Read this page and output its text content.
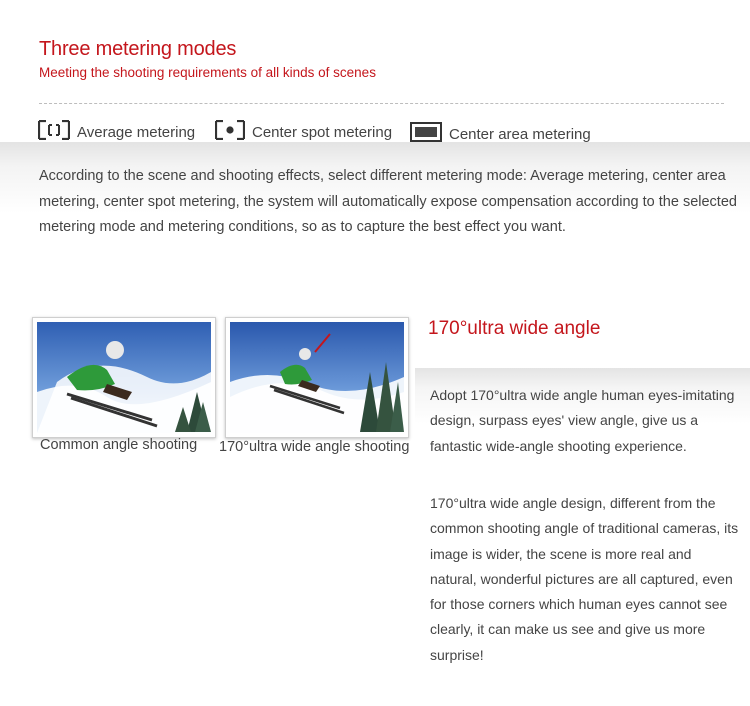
Three metering modes
Meeting the shooting requirements of all kinds of scenes
Average metering	Center spot metering	Center area metering
According to the scene and shooting effects, select different metering mode: Average metering, center area metering, center spot metering, the system will automatically expose compensation according to the selected metering mode and metering conditions, so as to capture the best effect you want.
Common angle shooting 170°ultra wide angle shooting
170°ultra wide angle
Adopt 170°ultra wide angle human eyes-imitating design, surpass eyes' view angle, give us a fantastic wide-angle shooting experience.
170°ultra wide angle design, different from the common shooting angle of traditional cameras, its image is wider, the scene is more real and natural, wonderful pictures are all captured, even for those corners which human eyes cannot see clearly, it can make us see and give us more surprise!
